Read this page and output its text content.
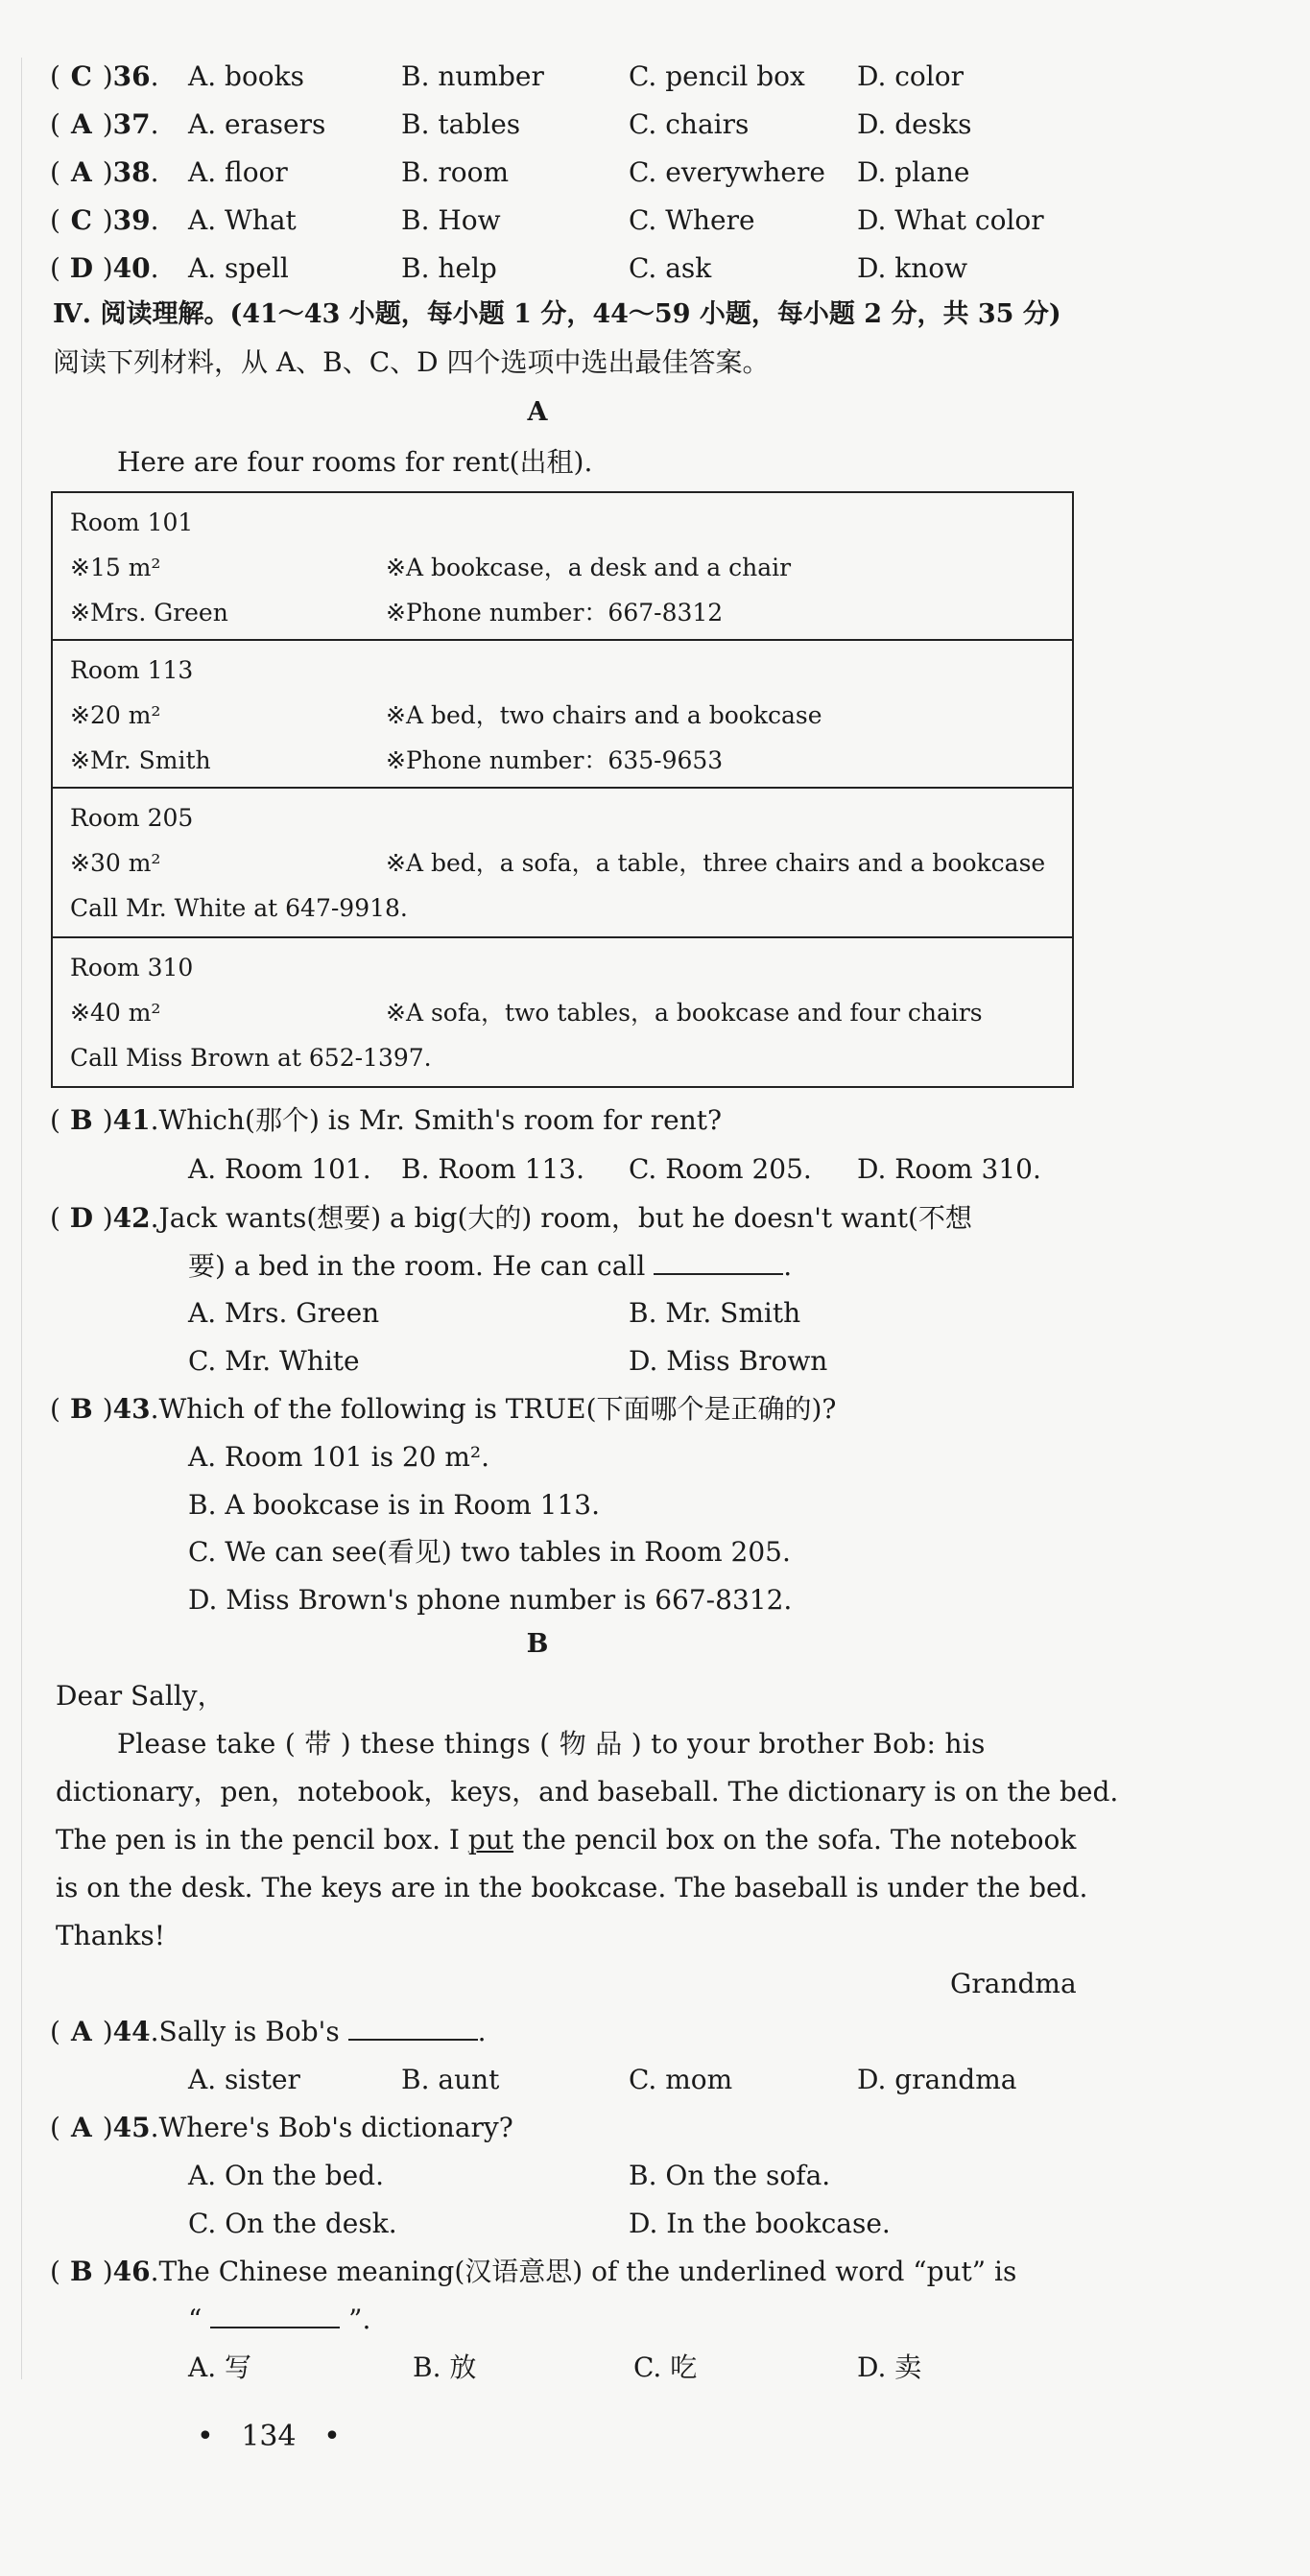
( C )36. A. books	B. number	C. pencil box D. color
( A )37. A. erasers	B. tables	C. chairs	D. desks
( A )38. A. floor	B. room	C. everywhere D. plane
( C )39. A. What	B. How	C. Where	D. What color
( D )40. A. spell	B. help	C. ask	D. know
Ⅳ. 阅读理解。(41～43 小题，每小题 1 分，44～59 小题，每小题 2 分，共 35 分)
阅读下列材料，从 A、B、C、D 四个选项中选出最佳答案。
A
Here are four rooms for rent(出租).
Room 101
※15 m²	※A bookcase，a desk and a chair
※Mrs. Green	※Phone number：667-8312
Room 113
※20 m²	※A bed，two chairs and a bookcase
※Mr. Smith	※Phone number：635-9653
Room 205
※30 m²	※A bed，a sofa，a table，three chairs and a bookcase
Call Mr. White at 647-9918.
Room 310
※40 m²	※A sofa，two tables，a bookcase and four chairs
Call Miss Brown at 652-1397.
( B )41.Which(那个) is Mr. Smith's room for rent?
A. Room 101. B. Room 113. C. Room 205. D. Room 310.
( D )42.Jack wants(想要) a big(大的) room，but he doesn't want(不想
要) a bed in the room. He can call	.
A. Mrs. Green	B. Mr. Smith
C. Mr. White	D. Miss Brown
( B )43.Which of the following is TRUE(下面哪个是正确的)?
A. Room 101 is 20 m².
B. A bookcase is in Room 113.
C. We can see(看见) two tables in Room 205.
D. Miss Brown's phone number is 667-8312.
B
Dear Sally，
Please take ( 带 ) these things ( 物 品 ) to your brother Bob: his
dictionary，pen，notebook，keys，and baseball. The dictionary is on the bed.
The pen is in the pencil box. I put the pencil box on the sofa. The notebook
is on the desk. The keys are in the bookcase. The baseball is under the bed.
Thanks!
Grandma
( A )44.Sally is Bob's	.
A. sister	B. aunt	C. mom	D. grandma
( A )45.Where's Bob's dictionary?
A. On the bed.	B. On the sofa.
C. On the desk.	D. In the bookcase.
( B )46.The Chinese meaning(汉语意思) of the underlined word “put” is
“	”.
A. 写	B. 放	C. 吃	D. 卖
•   134   •
